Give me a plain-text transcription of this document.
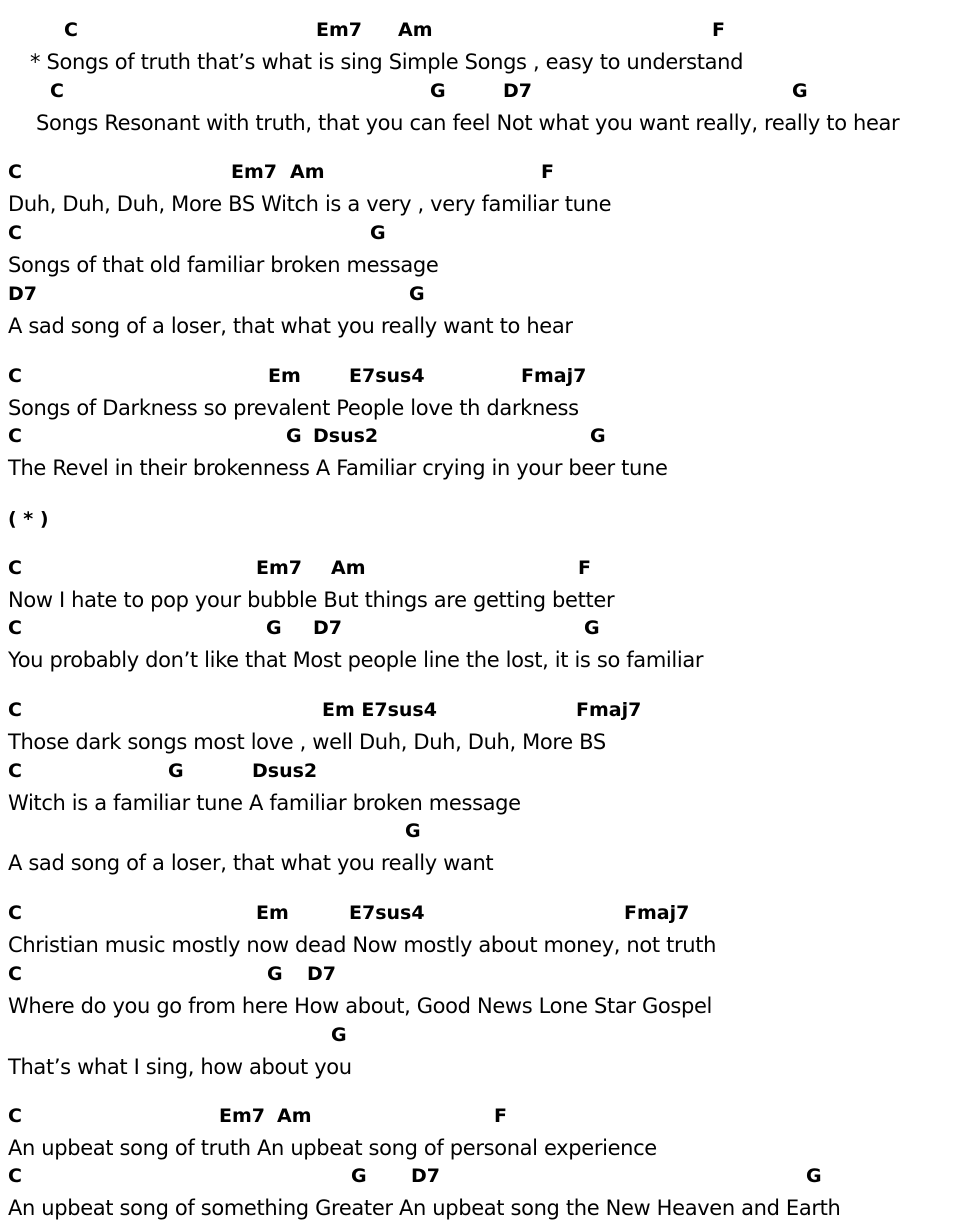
C	Em7 Am	F
* Songs of truth that’s what is sing Simple Songs , easy to understand
C	G	D7	G
Songs Resonant with truth, that you can feel Not what you want really, really to hear
C	Em7 Am	F
Duh, Duh, Duh, More BS Witch is a very , very familiar tune
C	G
Songs of that old familiar broken message
D7	G
A sad song of a loser, that what you really want to hear
C	Em	E7sus4	Fmaj7
Songs of Darkness so prevalent People love th darkness
C	G Dsus2	G
The Revel in their brokenness A Familiar crying in your beer tune
( * )
C	Em7 Am	F
Now I hate to pop your bubble But things are getting better
C	G D7	G
You probably don’t like that Most people line the lost, it is so familiar
C	Em E7sus4	Fmaj7
Those dark songs most love , well Duh, Duh, Duh, More BS
C	G	Dsus2
Witch is a familiar tune A familiar broken message
G
A sad song of a loser, that what you really want
C	Em	E7sus4	Fmaj7
Christian music mostly now dead Now mostly about money, not truth
C	G D7
Where do you go from here How about, Good News Lone Star Gospel
G
That’s what I sing, how about you
C	Em7 Am	F
An upbeat song of truth An upbeat song of personal experience
C	G D7	G
An upbeat song of something Greater An upbeat song the New Heaven and Earth
